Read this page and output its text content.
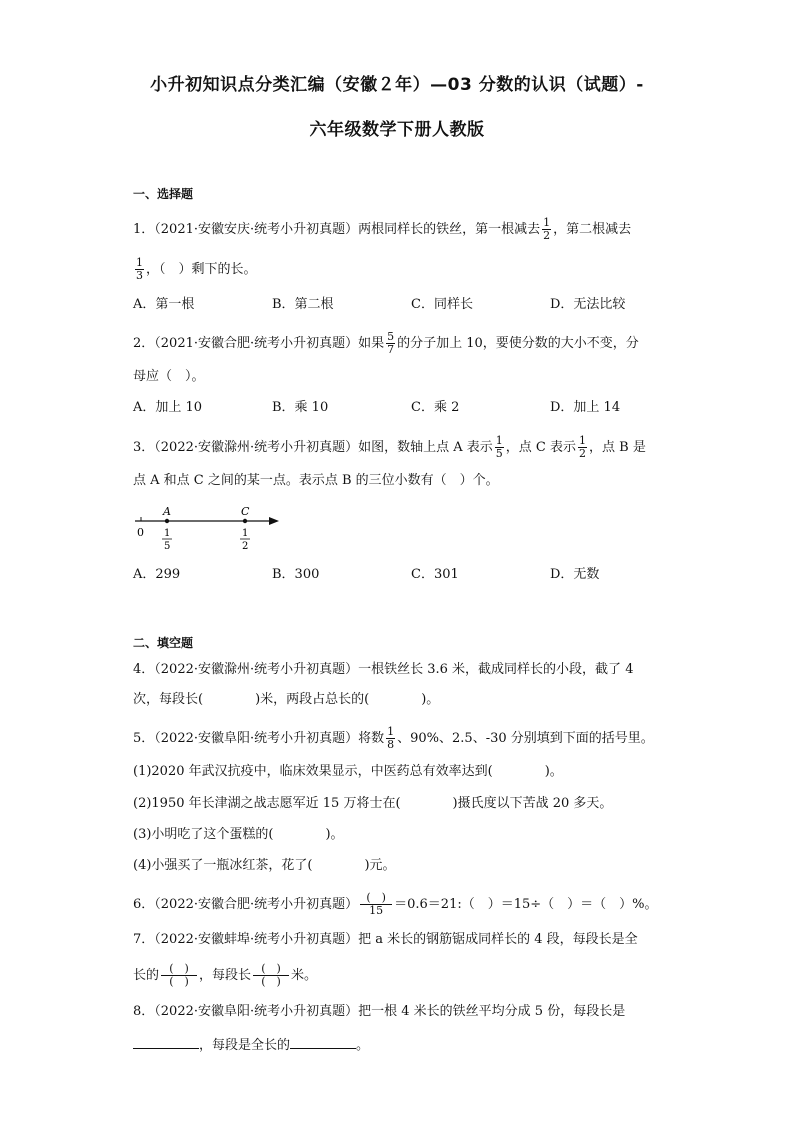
小升初知识点分类汇编（安徽２年）—03 分数的认识（试题）-
六年级数学下册人教版
一、选择题
1．（2021·安徽安庆·统考小升初真题）两根同样长的铁丝，第一根减去 $\frac{1}{2}$ ，第二根减去
$\frac{1}{3}$ ，（　）剩下的长。
A．第一根	B．第二根	C．同样长	D．无法比较
2．（2021·安徽合肥·统考小升初真题）如果 $\frac{5}{7}$ 的分子加上 10，要使分数的大小不变，分
母应（　）。
A．加上 10	B．乘 10	C．乘 2	D．加上 14
3．（2022·安徽滁州·统考小升初真题）如图，数轴上点 A 表示 $\frac{1}{5}$ ，点 C 表示 $\frac{1}{2}$ ，点 B 是
点 A 和点 C 之间的某一点。表示点 B 的三位小数有（　）个。
0
A	C
1
5
1
2
A．299	B．300	C．301	D．无数
二、填空题
4．（2022·安徽滁州·统考小升初真题）一根铁丝长 3.6 米，截成同样长的小段，截了 4
次，每段长(　　　　)米，两段占总长的(　　　　)。
5．（2022·安徽阜阳·统考小升初真题）将数 $\frac{1}{8}$ 、90%、2.5、-30 分别填到下面的括号里。
(1)2020 年武汉抗疫中，临床效果显示，中医药总有效率达到(　　　　)。
(2)1950 年长津湖之战志愿军近 15 万将士在(　　　　)摄氏度以下苦战 20 多天。
(3)小明吃了这个蛋糕的(　　　　)。
(4)小强买了一瓶冰红茶，花了(　　　　)元。
6．（2022·安徽合肥·统考小升初真题） $\frac{( )}{15}$ ＝0.6＝21:（　）＝15÷（　）＝（　）%。
7．（2022·安徽蚌埠·统考小升初真题）把 a 米长的钢筋锯成同样长的 4 段，每段长是全
长的 $\frac{( )}{( )}$ ，每段长 $\frac{( )}{( )}$ 米。
8．（2022·安徽阜阳·统考小升初真题）把一根 4 米长的铁丝平均分成 5 份，每段长是
，每段是全长的	。
